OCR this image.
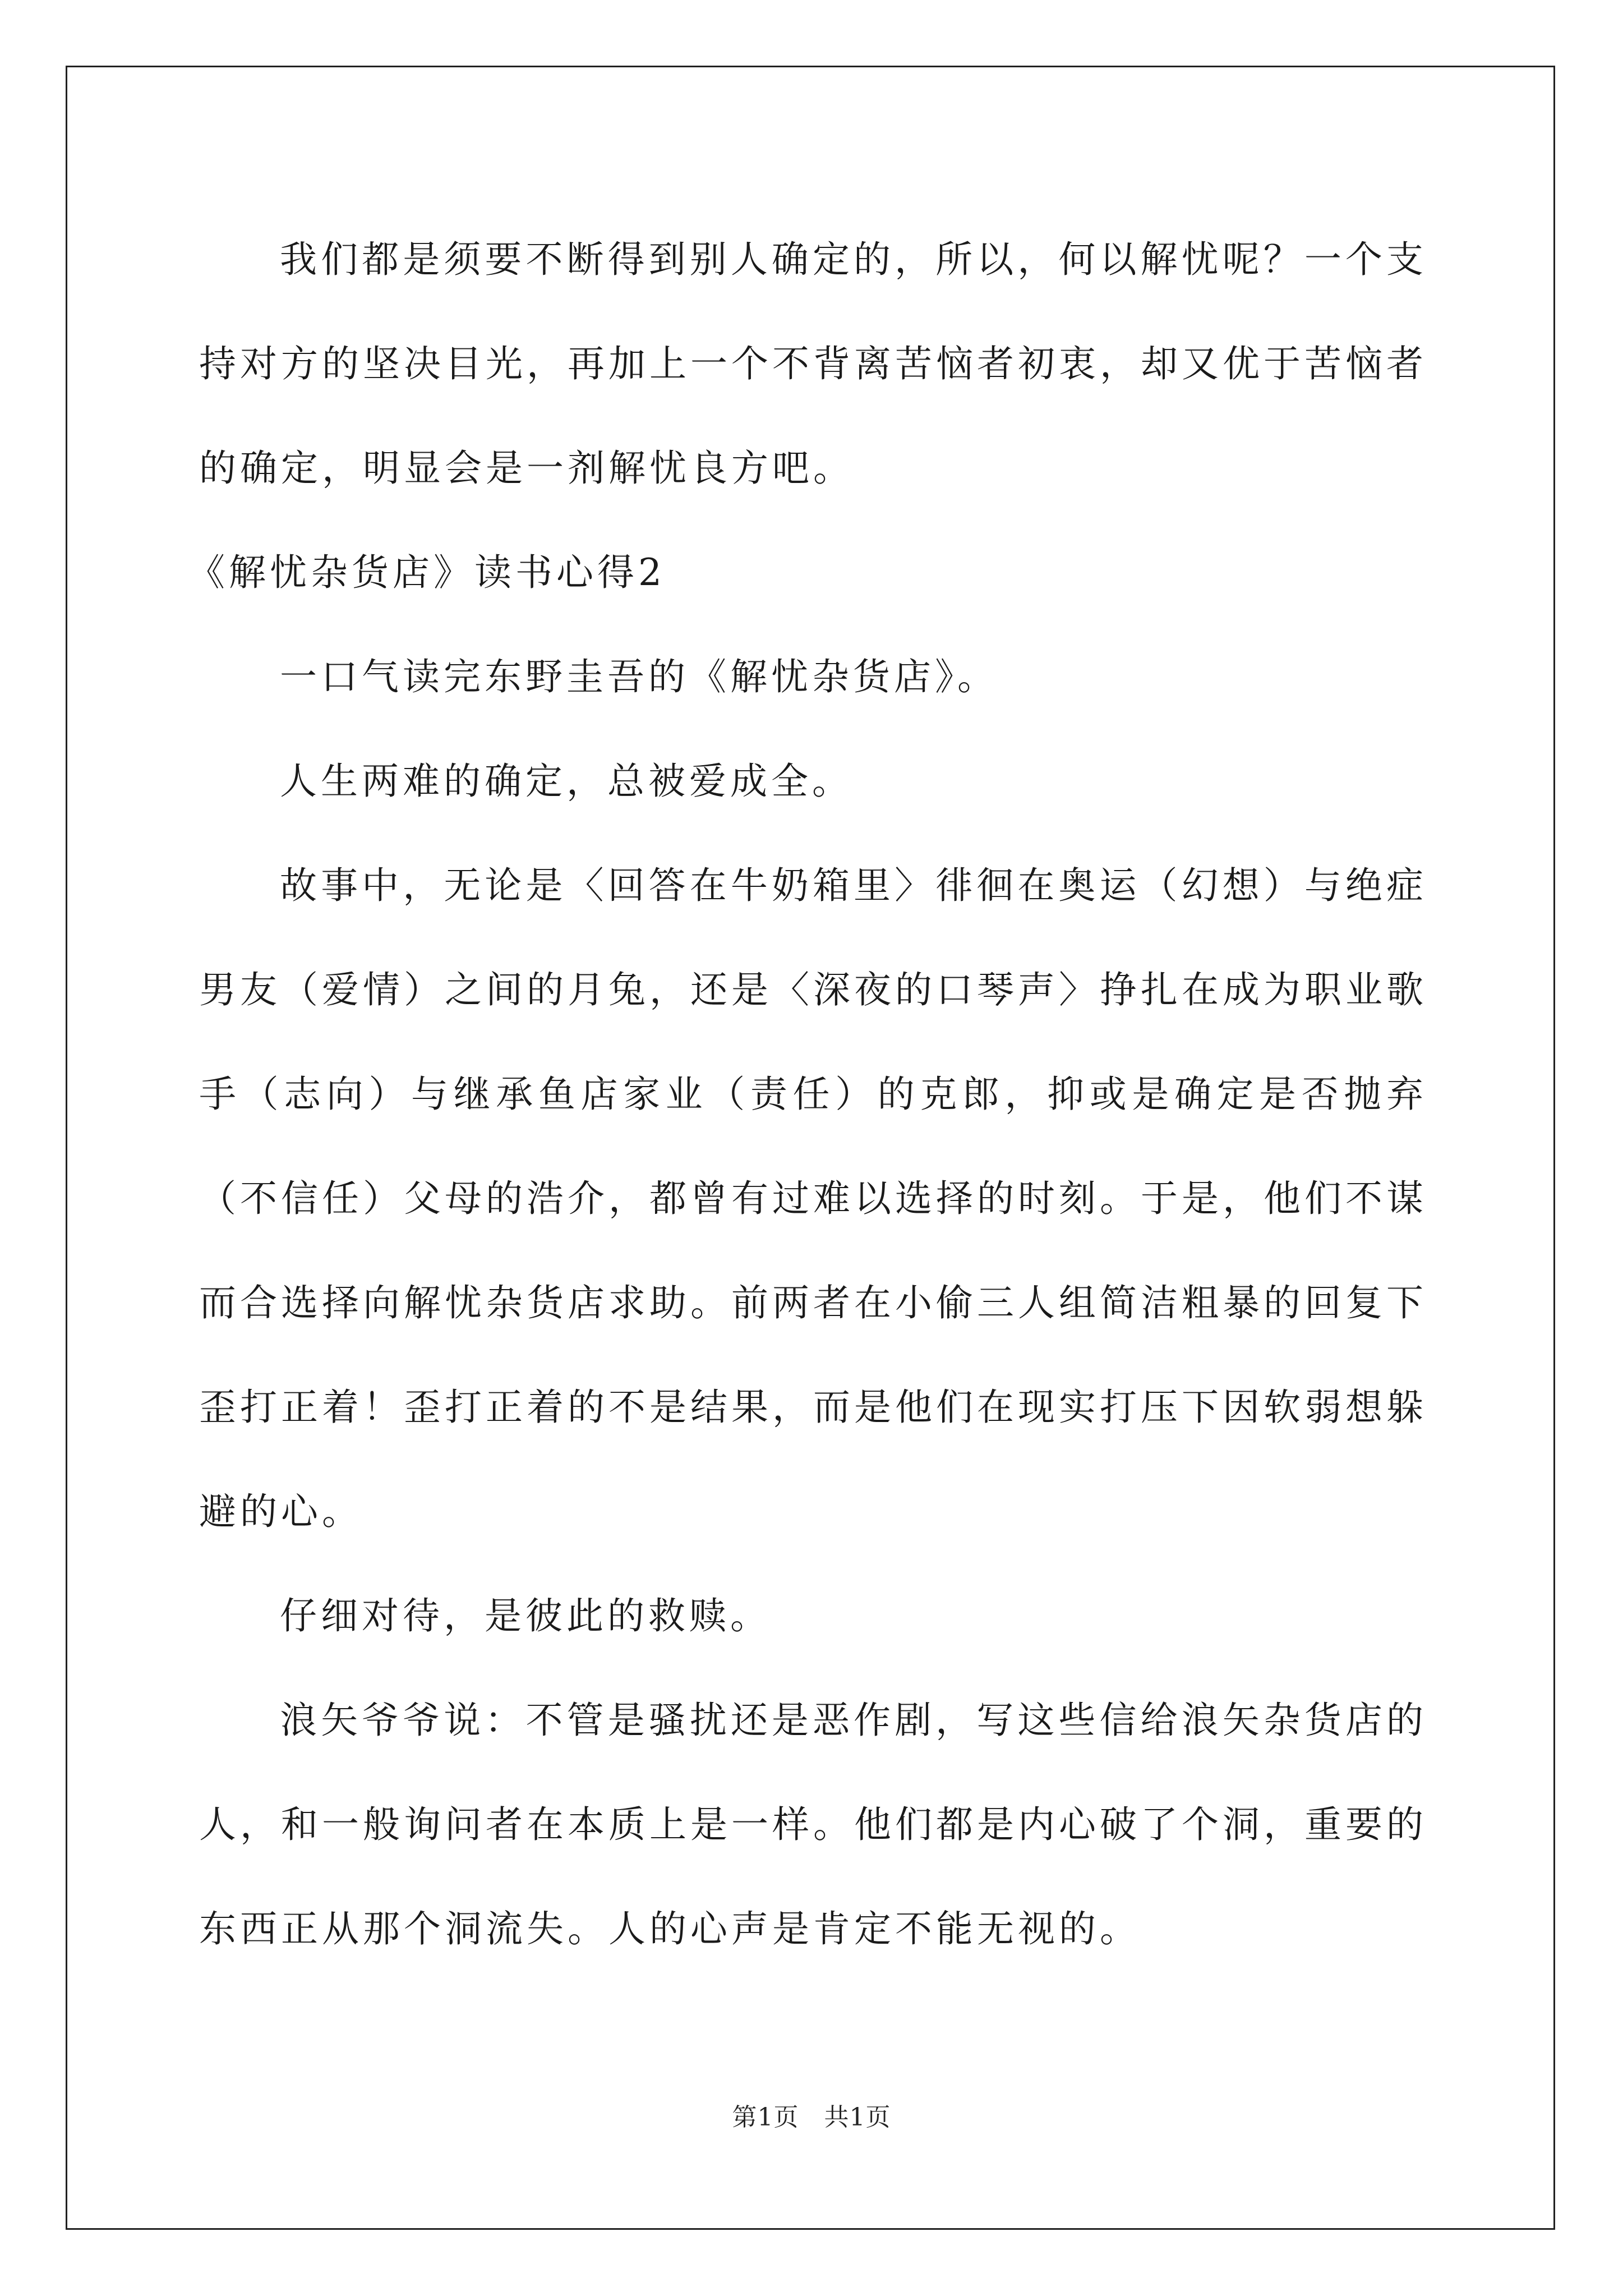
我们都是须要不断得到别人确定的，所以，何以解忧呢？一个支持对方的坚决目光，再加上一个不背离苦恼者初衷，却又优于苦恼者的确定，明显会是一剂解忧良方吧。

《解忧杂货店》读书心得2

一口气读完东野圭吾的《解忧杂货店》。

人生两难的确定，总被爱成全。

故事中，无论是〈回答在牛奶箱里〉徘徊在奥运（幻想）与绝症男友（爱情）之间的月兔，还是〈深夜的口琴声〉挣扎在成为职业歌手（志向）与继承鱼店家业（责任）的克郎，抑或是确定是否抛弃（不信任）父母的浩介，都曾有过难以选择的时刻。于是，他们不谋而合选择向解忧杂货店求助。前两者在小偷三人组简洁粗暴的回复下歪打正着！歪打正着的不是结果，而是他们在现实打压下因软弱想躲避的心。

仔细对待，是彼此的救赎。

浪矢爷爷说：不管是骚扰还是恶作剧，写这些信给浪矢杂货店的人，和一般询问者在本质上是一样。他们都是内心破了个洞，重要的东西正从那个洞流失。人的心声是肯定不能无视的。

第1页　共1页
